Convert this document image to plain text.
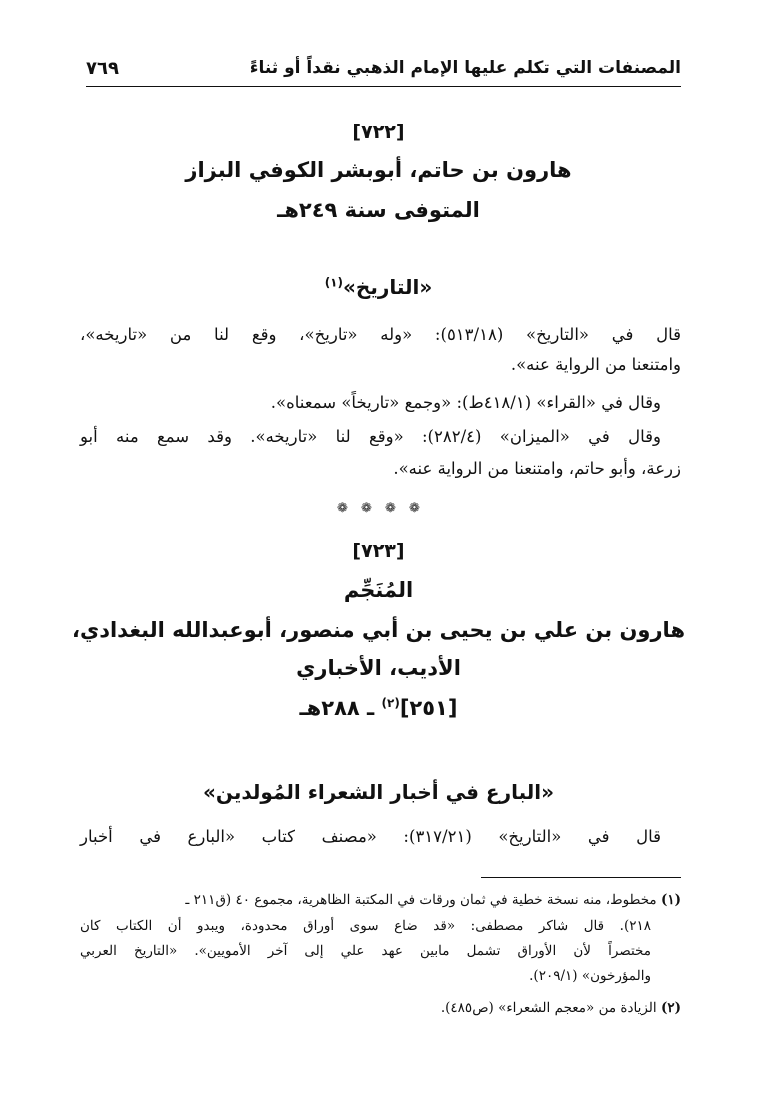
المصنفات التي تكلم عليها الإمام الذهبي نقداً أو ثناءً
٧٦٩
[٧٢٢]
هارون بن حاتم، أبوبشر الكوفي البزاز
المتوفى سنة ٢٤٩هـ
«التاريخ»$^{(١)}$
قال في «التاريخ» (٥١٣/١٨): «وله «تاريخ»، وقع لنا من «تاريخه»،
وامتنعنا من الرواية عنه».
وقال في «القراء» (٤١٨/١ط): «وجمع «تاريخاً» سمعناه».
وقال في «الميزان» (٢٨٢/٤): «وقع لنا «تاريخه». وقد سمع منه أبو
زرعة، وأبو حاتم، وامتنعنا من الرواية عنه».
❁ ❁ ❁ ❁
[٧٢٣]
المُنَجِّم
هارون بن علي بن يحيى بن أبي منصور، أبوعبدالله البغدادي،
الأديب، الأخباري
[٢٥١]$^{(٢)}$ ـ ٢٨٨هـ
«البارع في أخبار الشعراء المُولدين»
قال في «التاريخ» (٣١٧/٢١): «مصنف كتاب «البارع في أخبار
(١) مخطوط، منه نسخة خطية في ثمان ورقات في المكتبة الظاهرية، مجموع ٤٠ (ق٢١١ ـ
٢١٨). قال شاكر مصطفى: «قد ضاع سوى أوراق محدودة، ويبدو أن الكتاب كان
مختصراً لأن الأوراق تشمل مابين عهد علي إلى آخر الأمويين». «التاريخ العربي
والمؤرخون» (٢٠٩/١).
(٢) الزيادة من «معجم الشعراء» (ص٤٨٥).
